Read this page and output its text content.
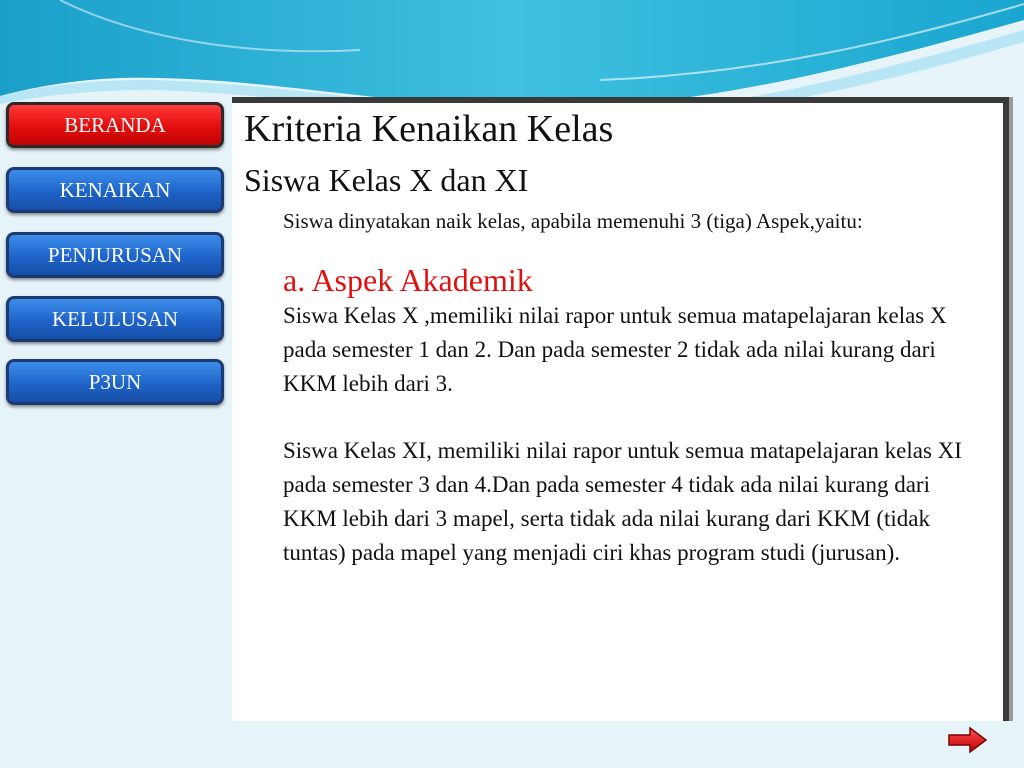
BERANDA
KENAIKAN
PENJURUSAN
KELULUSAN
P3UN
Kriteria Kenaikan Kelas
Siswa Kelas X dan XI

Siswa dinyatakan naik kelas, apabila memenuhi 3 (tiga) Aspek,yaitu:

a. Aspek Akademik

Siswa Kelas X ,memiliki nilai rapor untuk semua matapelajaran kelas X pada semester 1 dan 2. Dan pada semester 2 tidak ada nilai kurang dari KKM lebih dari 3.

Siswa Kelas XI, memiliki nilai rapor untuk semua matapelajaran kelas XI pada semester 3 dan 4.Dan pada semester 4 tidak ada nilai kurang dari KKM lebih dari 3 mapel, serta tidak ada nilai kurang dari KKM (tidak tuntas) pada mapel yang menjadi ciri khas program studi (jurusan).
